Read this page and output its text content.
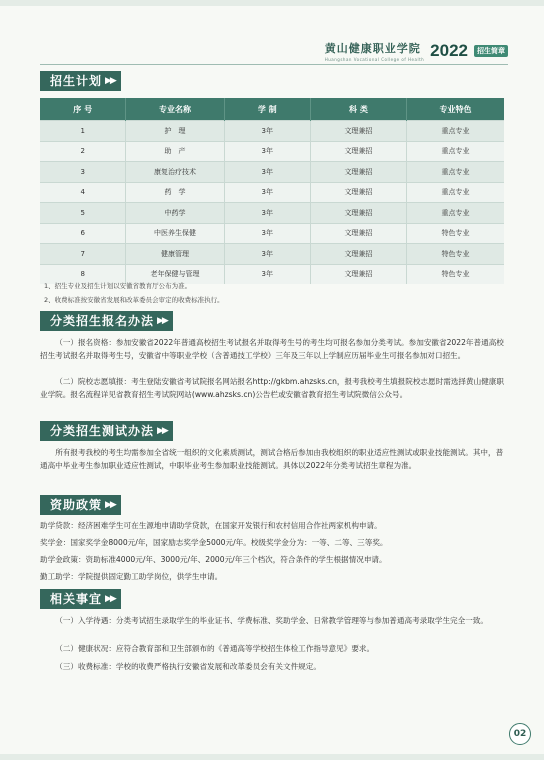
黄山健康职业学院
Huangshan Vocational College of Health 2022	招生简章
招生计划 ▶▶
序 号	专业名称	学 制	科 类	专业特色
1	护　理	3年	文理兼招	重点专业
2	助　产	3年	文理兼招	重点专业
3	康复治疗技术	3年	文理兼招	重点专业
4	药　学	3年	文理兼招	重点专业
5	中药学	3年	文理兼招	重点专业
6	中医养生保健	3年	文理兼招	特色专业
7	健康管理	3年	文理兼招	特色专业
8	老年保健与管理	3年	文理兼招	特色专业
1、招生专业及招生计划以安徽省教育厅公布为准。
2、收费标准按安徽省发展和改革委员会审定的收费标准执行。
分类招生报名办法 ▶▶

（一）报名资格：参加安徽省2022年普通高校招生考试报名并取得考生号的考生均可报名参加分类考试。参加安徽省2022年普通高校招生考试报名并取得考生号，安徽省中等职业学校（含普通技工学校）三年及三年以上学制应历届毕业生可报名参加对口招生。

（二）院校志愿填报：考生登陆安徽省考试院报名网站报名http://gkbm.ahzsks.cn，报考我校考生填报院校志愿时需选择黄山健康职业学院。报名流程详见省教育招生考试院网站(www.ahzsks.cn)公告栏或安徽省教育招生考试院微信公众号。

分类招生测试办法 ▶▶

所有报考我校的考生均需参加全省统一组织的文化素质测试，测试合格后参加由我校组织的职业适应性测试或职业技能测试。其中，普通高中毕业考生参加职业适应性测试，中职毕业考生参加职业技能测试。具体以2022年分类考试招生章程为准。

资助政策 ▶▶

助学贷款：经济困难学生可在生源地申请助学贷款，在国家开发银行和农村信用合作社两家机构申请。

奖学金：国家奖学金8000元/年，国家励志奖学金5000元/年。校级奖学金分为：一等、二等、三等奖。

助学金政策：资助标准4000元/年、3000元/年、2000元/年三个档次，符合条件的学生根据情况申请。

勤工助学：学院提供固定勤工助学岗位，供学生申请。

相关事宜 ▶▶

（一）入学待遇：分类考试招生录取学生的毕业证书、学费标准、奖助学金、日常教学管理等与参加普通高考录取学生完全一致。

（二）健康状况：应符合教育部和卫生部颁布的《普通高等学校招生体检工作指导意见》要求。

（三）收费标准：学校的收费严格执行安徽省发展和改革委员会有关文件规定。

02
